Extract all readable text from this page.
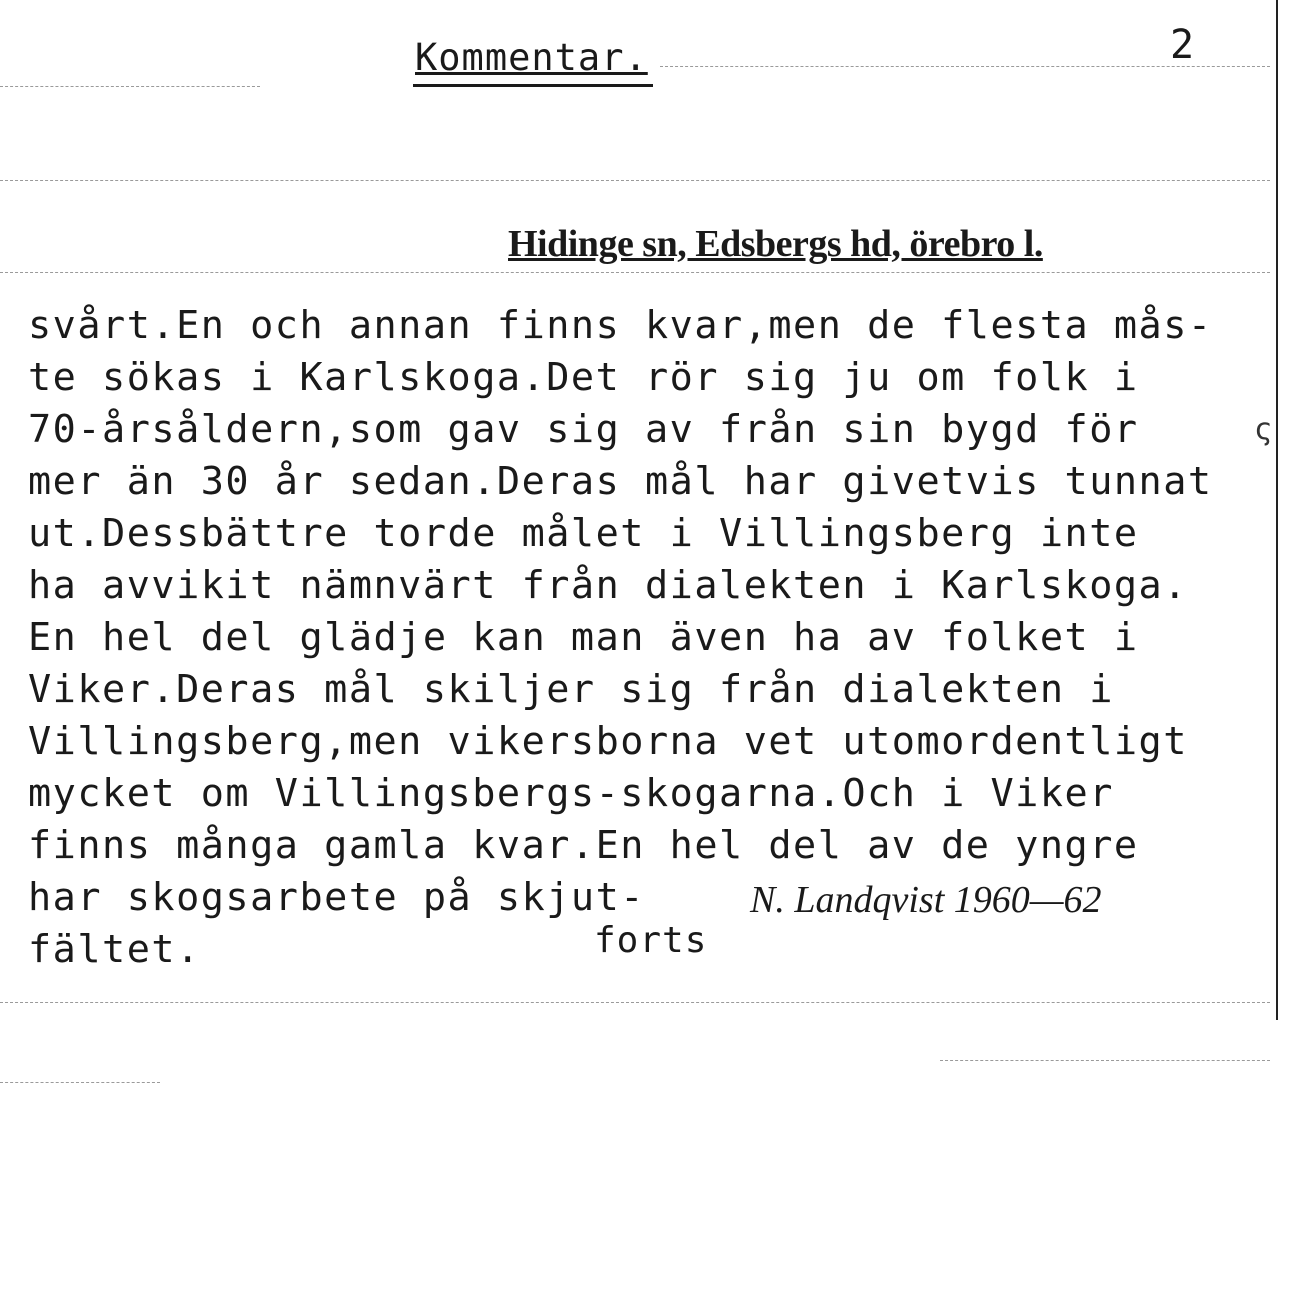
Kommentar.	2
Hidinge sn, Edsbergs hd, örebro l.
svårt.En och annan finns kvar,men de flesta mås-
te sökas i Karlskoga.Det rör sig ju om folk i
70-årsåldern,som gav sig av från sin bygd för
mer än 30 år sedan.Deras mål har givetvis tunnat
ut.Dessbättre torde målet i Villingsberg inte
ha avvikit nämnvärt från dialekten i Karlskoga.
En hel del glädje kan man även ha av folket i
Viker.Deras mål skiljer sig från dialekten i
Villingsberg,men vikersborna vet utomordentligt
mycket om Villingsbergs-skogarna.Och i Viker
finns många gamla kvar.En hel del av de yngre
har skogsarbete på skjut-
fältet.
N. Landqvist 1960—62
forts
ς
